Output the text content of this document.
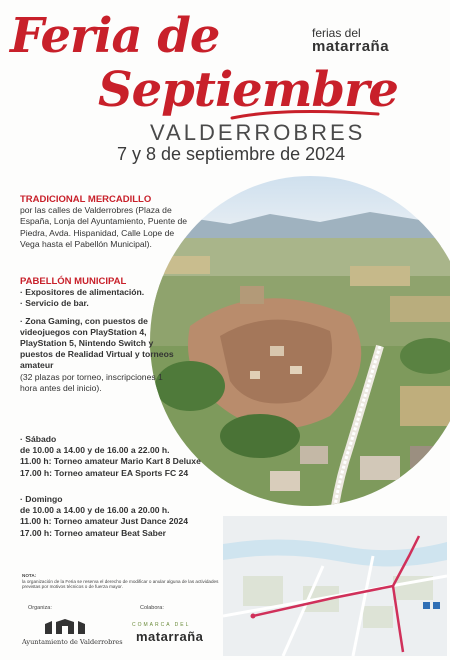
Feria de
Septiembre
ferias del
matarraña
VALDERROBRES
7 y 8 de septiembre de 2024
TRADICIONAL MERCADILLO
por las calles de Valderrobres (Plaza de España, Lonja del Ayuntamiento, Puente de Piedra, Avda. Hispanidad, Calle Lope de Vega hasta el Pabellón Municipal).
PABELLÓN MUNICIPAL
· Expositores de alimentación.
· Servicio de bar.
· Zona Gaming, con puestos de videojuegos con PlayStation 4, PlayStation 5, Nintendo Switch y puestos de Realidad Virtual y torneos amateur
(32 plazas por torneo, inscripciones 1 hora antes del inicio).
· Sábado
de 10.00 a 14.00 y de 16.00 a 22.00 h.
11.00 h: Torneo amateur Mario Kart 8 Deluxe
17.00 h: Torneo amateur EA Sports FC 24
· Domingo
de 10.00 a 14.00 y de 16.00 a 20.00 h.
11.00 h: Torneo amateur Just Dance 2024
17.00 h: Torneo amateur Beat Saber
NOTA:
la organización de la Feria se reserva el derecho de modificar o anular alguna de las actividades previstas por motivos técnicos o de fuerza mayor.
Organiza:	Colabora:
Ayuntamiento de Valderrobres
COMARCA DEL
matarraña
